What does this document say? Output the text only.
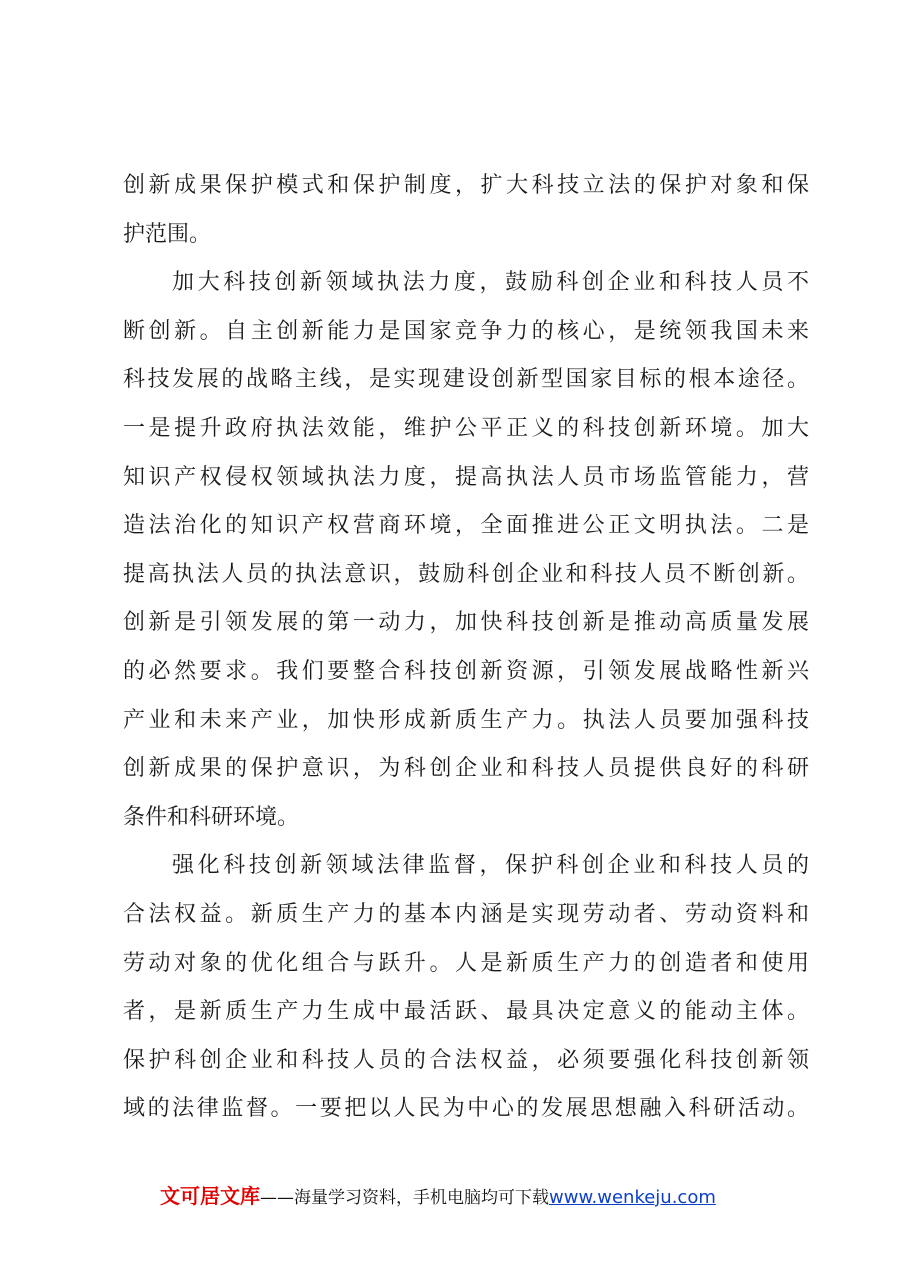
创新成果保护模式和保护制度，扩大科技立法的保护对象和保
护范围。
加大科技创新领域执法力度，鼓励科创企业和科技人员不
断创新。自主创新能力是国家竞争力的核心，是统领我国未来
科技发展的战略主线，是实现建设创新型国家目标的根本途径。
一是提升政府执法效能，维护公平正义的科技创新环境。加大
知识产权侵权领域执法力度，提高执法人员市场监管能力，营
造法治化的知识产权营商环境，全面推进公正文明执法。二是
提高执法人员的执法意识，鼓励科创企业和科技人员不断创新。
创新是引领发展的第一动力，加快科技创新是推动高质量发展
的必然要求。我们要整合科技创新资源，引领发展战略性新兴
产业和未来产业，加快形成新质生产力。执法人员要加强科技
创新成果的保护意识，为科创企业和科技人员提供良好的科研
条件和科研环境。
强化科技创新领域法律监督，保护科创企业和科技人员的
合法权益。新质生产力的基本内涵是实现劳动者、劳动资料和
劳动对象的优化组合与跃升。人是新质生产力的创造者和使用
者，是新质生产力生成中最活跃、最具决定意义的能动主体。
保护科创企业和科技人员的合法权益，必须要强化科技创新领
域的法律监督。一要把以人民为中心的发展思想融入科研活动。
文可居文库——海量学习资料，手机电脑均可下载www.wenkeju.com
